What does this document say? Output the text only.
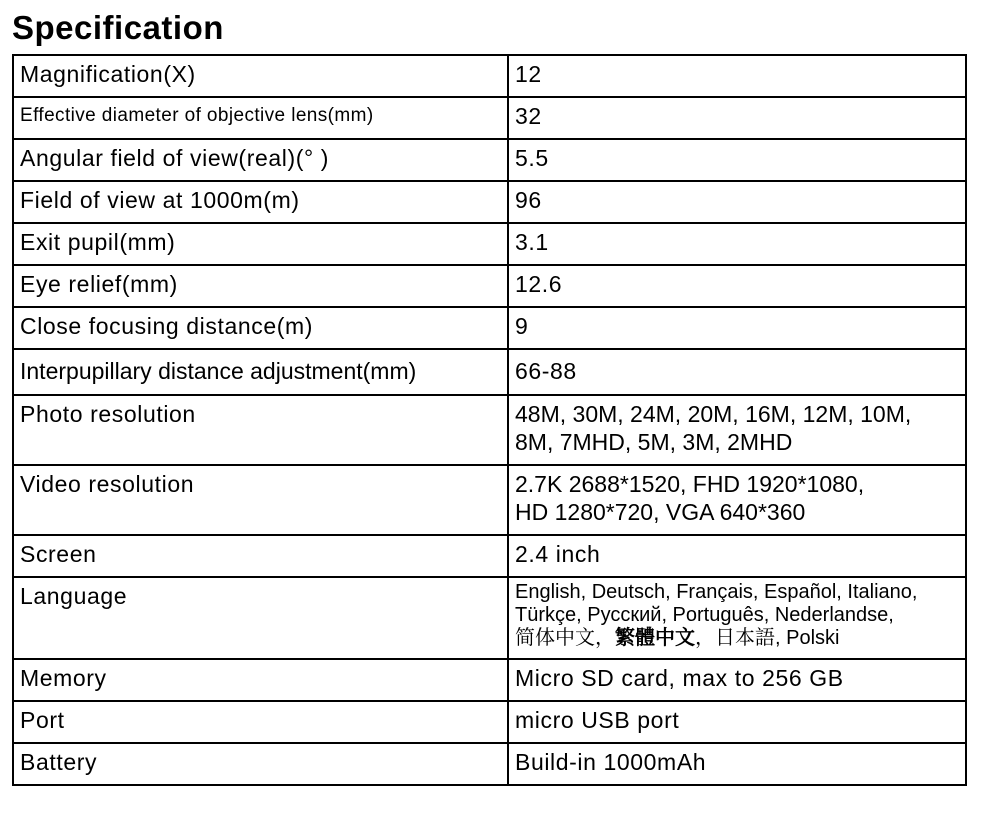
Specification
Magnification(X)	12
Effective diameter of objective lens(mm)	32
Angular field of view(real)(° )	5.5
Field of view at 1000m(m)	96
Exit pupil(mm)	3.1
Eye relief(mm)	12.6
Close focusing distance(m)	9
Interpupillary distance adjustment(mm)	66-88
Photo resolution	48M, 30M, 24M, 20M, 16M, 12M, 10M,
8M, 7MHD, 5M, 3M, 2MHD

Video resolution	2.7K 2688*1520, FHD 1920*1080,
HD 1280*720, VGA 640*360

Screen	2.4 inch
Language	English, Deutsch, Français, Español, Italiano,
Türkçe, Русский, Português, Nederlandse,
简体中文，繁體中文，日本語, Polski

Memory	Micro SD card, max to 256 GB
Port	micro USB port
Battery	Build-in 1000mAh
